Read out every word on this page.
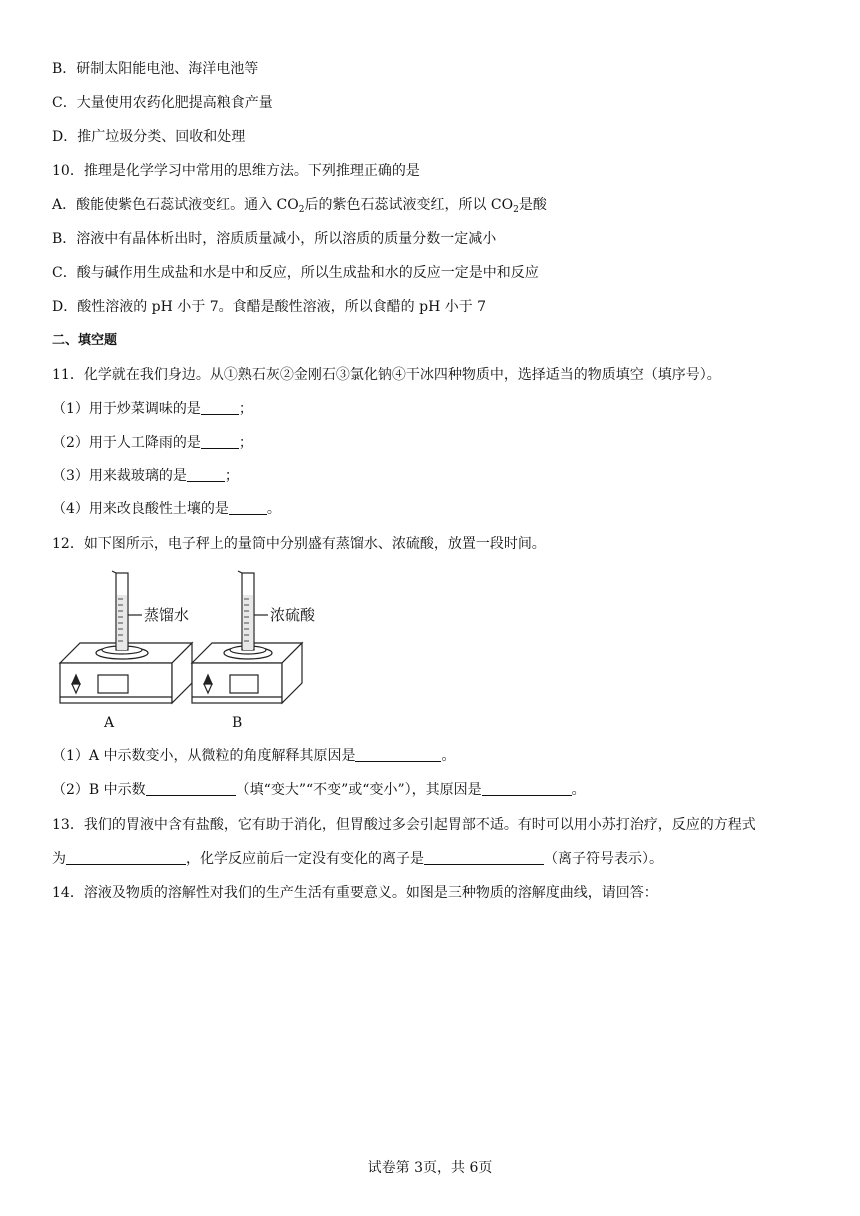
B．研制太阳能电池、海洋电池等
C．大量使用农药化肥提高粮食产量
D．推广垃圾分类、回收和处理
10．推理是化学学习中常用的思维方法。下列推理正确的是
A．酸能使紫色石蕊试液变红。通入 $CO_2$后的紫色石蕊试液变红，所以 $CO_2$是酸
B．溶液中有晶体析出时，溶质质量减小，所以溶质的质量分数一定减小
C．酸与碱作用生成盐和水是中和反应，所以生成盐和水的反应一定是中和反应
D．酸性溶液的 pH 小于 7。食醋是酸性溶液，所以食醋的 pH 小于 7
二、填空题
11．化学就在我们身边。从①熟石灰②金刚石③氯化钠④干冰四种物质中，选择适当的物质填空（填序号）。
（1）用于炒菜调味的是	；
（2）用于人工降雨的是	；
（3）用来裁玻璃的是	；
（4）用来改良酸性土壤的是	。
12．如下图所示，电子秤上的量筒中分别盛有蒸馏水、浓硫酸，放置一段时间。
蒸馏水
A
浓硫酸
B
（1）A 中示数变小，从微粒的角度解释其原因是	。
（2）B 中示数	（填“变大”“不变”或“变小”），其原因是	。
13．我们的胃液中含有盐酸，它有助于消化，但胃酸过多会引起胃部不适。有时可以用小苏打治疗，反应的方程式
为	，化学反应前后一定没有变化的离子是	（离子符号表示）。
14．溶液及物质的溶解性对我们的生产生活有重要意义。如图是三种物质的溶解度曲线，请回答：
试卷第 3页，共 6页
